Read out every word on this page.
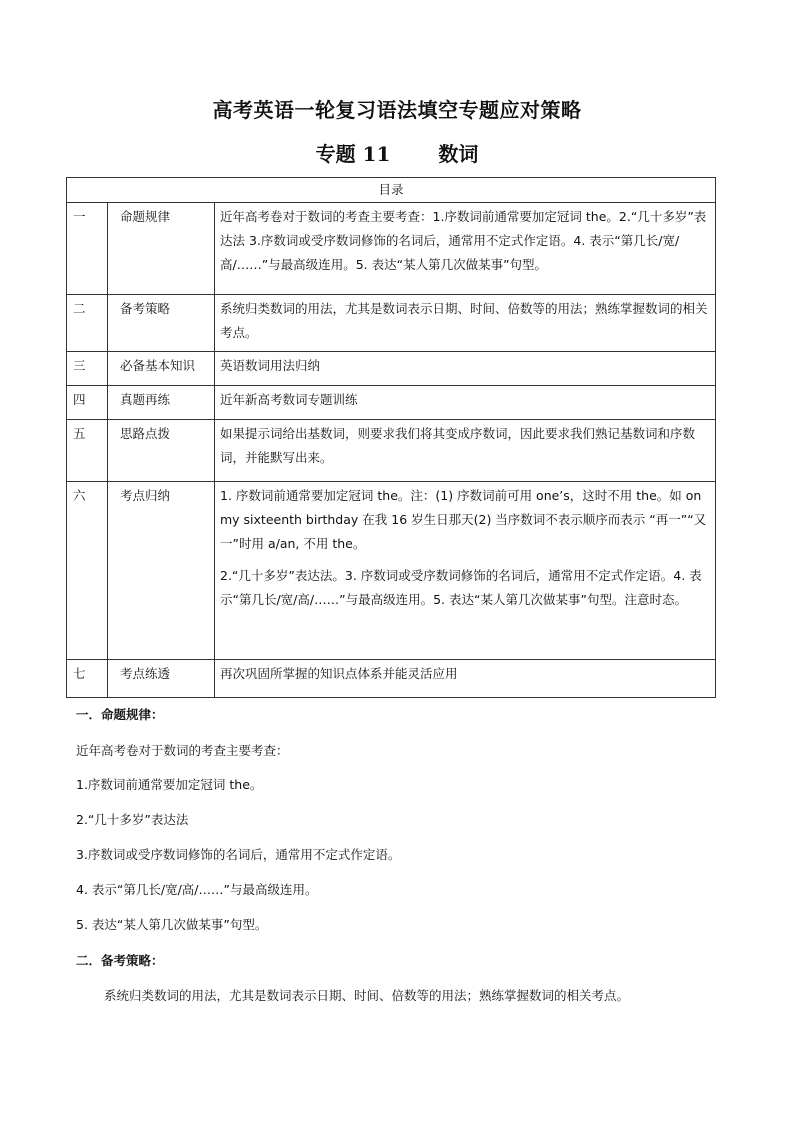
高考英语一轮复习语法填空专题应对策略
专题 11 数词
目录		
一	命题规律	近年高考卷对于数词的考查主要考查：1.序数词前通常要加定冠词 the。2.“几十多岁”表达法 3.序数词或受序数词修饰的名词后，通常用不定式作定语。4. 表示“第几长/宽/高/……”与最高级连用。5. 表达“某人第几次做某事”句型。

二	备考策略	系统归类数词的用法，尤其是数词表示日期、时间、倍数等的用法；熟练掌握数词的相关考点。

三	必备基本知识	英语数词用法归纳

四	真题再练	近年新高考数词专题训练

五	思路点拨	如果提示词给出基数词，则要求我们将其变成序数词，因此要求我们熟记基数词和序数词，并能默写出来。

六	考点归纳	1. 序数词前通常要加定冠词 the。注：(1) 序数词前可用 one’s，这时不用 the。如 on my sixteenth birthday 在我 16 岁生日那天(2) 当序数词不表示顺序而表示 “再一”“又一”时用 a/an, 不用 the。

2.“几十多岁”表达法。3. 序数词或受序数词修饰的名词后，通常用不定式作定语。4. 表示“第几长/宽/高/……”与最高级连用。5. 表达“某人第几次做某事”句型。注意时态。

七	考点练透	再次巩固所掌握的知识点体系并能灵活应用

一．命题规律：
近年高考卷对于数词的考查主要考查：
1.序数词前通常要加定冠词 the。
2.“几十多岁”表达法
3.序数词或受序数词修饰的名词后，通常用不定式作定语。
4. 表示“第几长/宽/高/……”与最高级连用。
5. 表达“某人第几次做某事”句型。
二．备考策略：
系统归类数词的用法，尤其是数词表示日期、时间、倍数等的用法；熟练掌握数词的相关考点。
